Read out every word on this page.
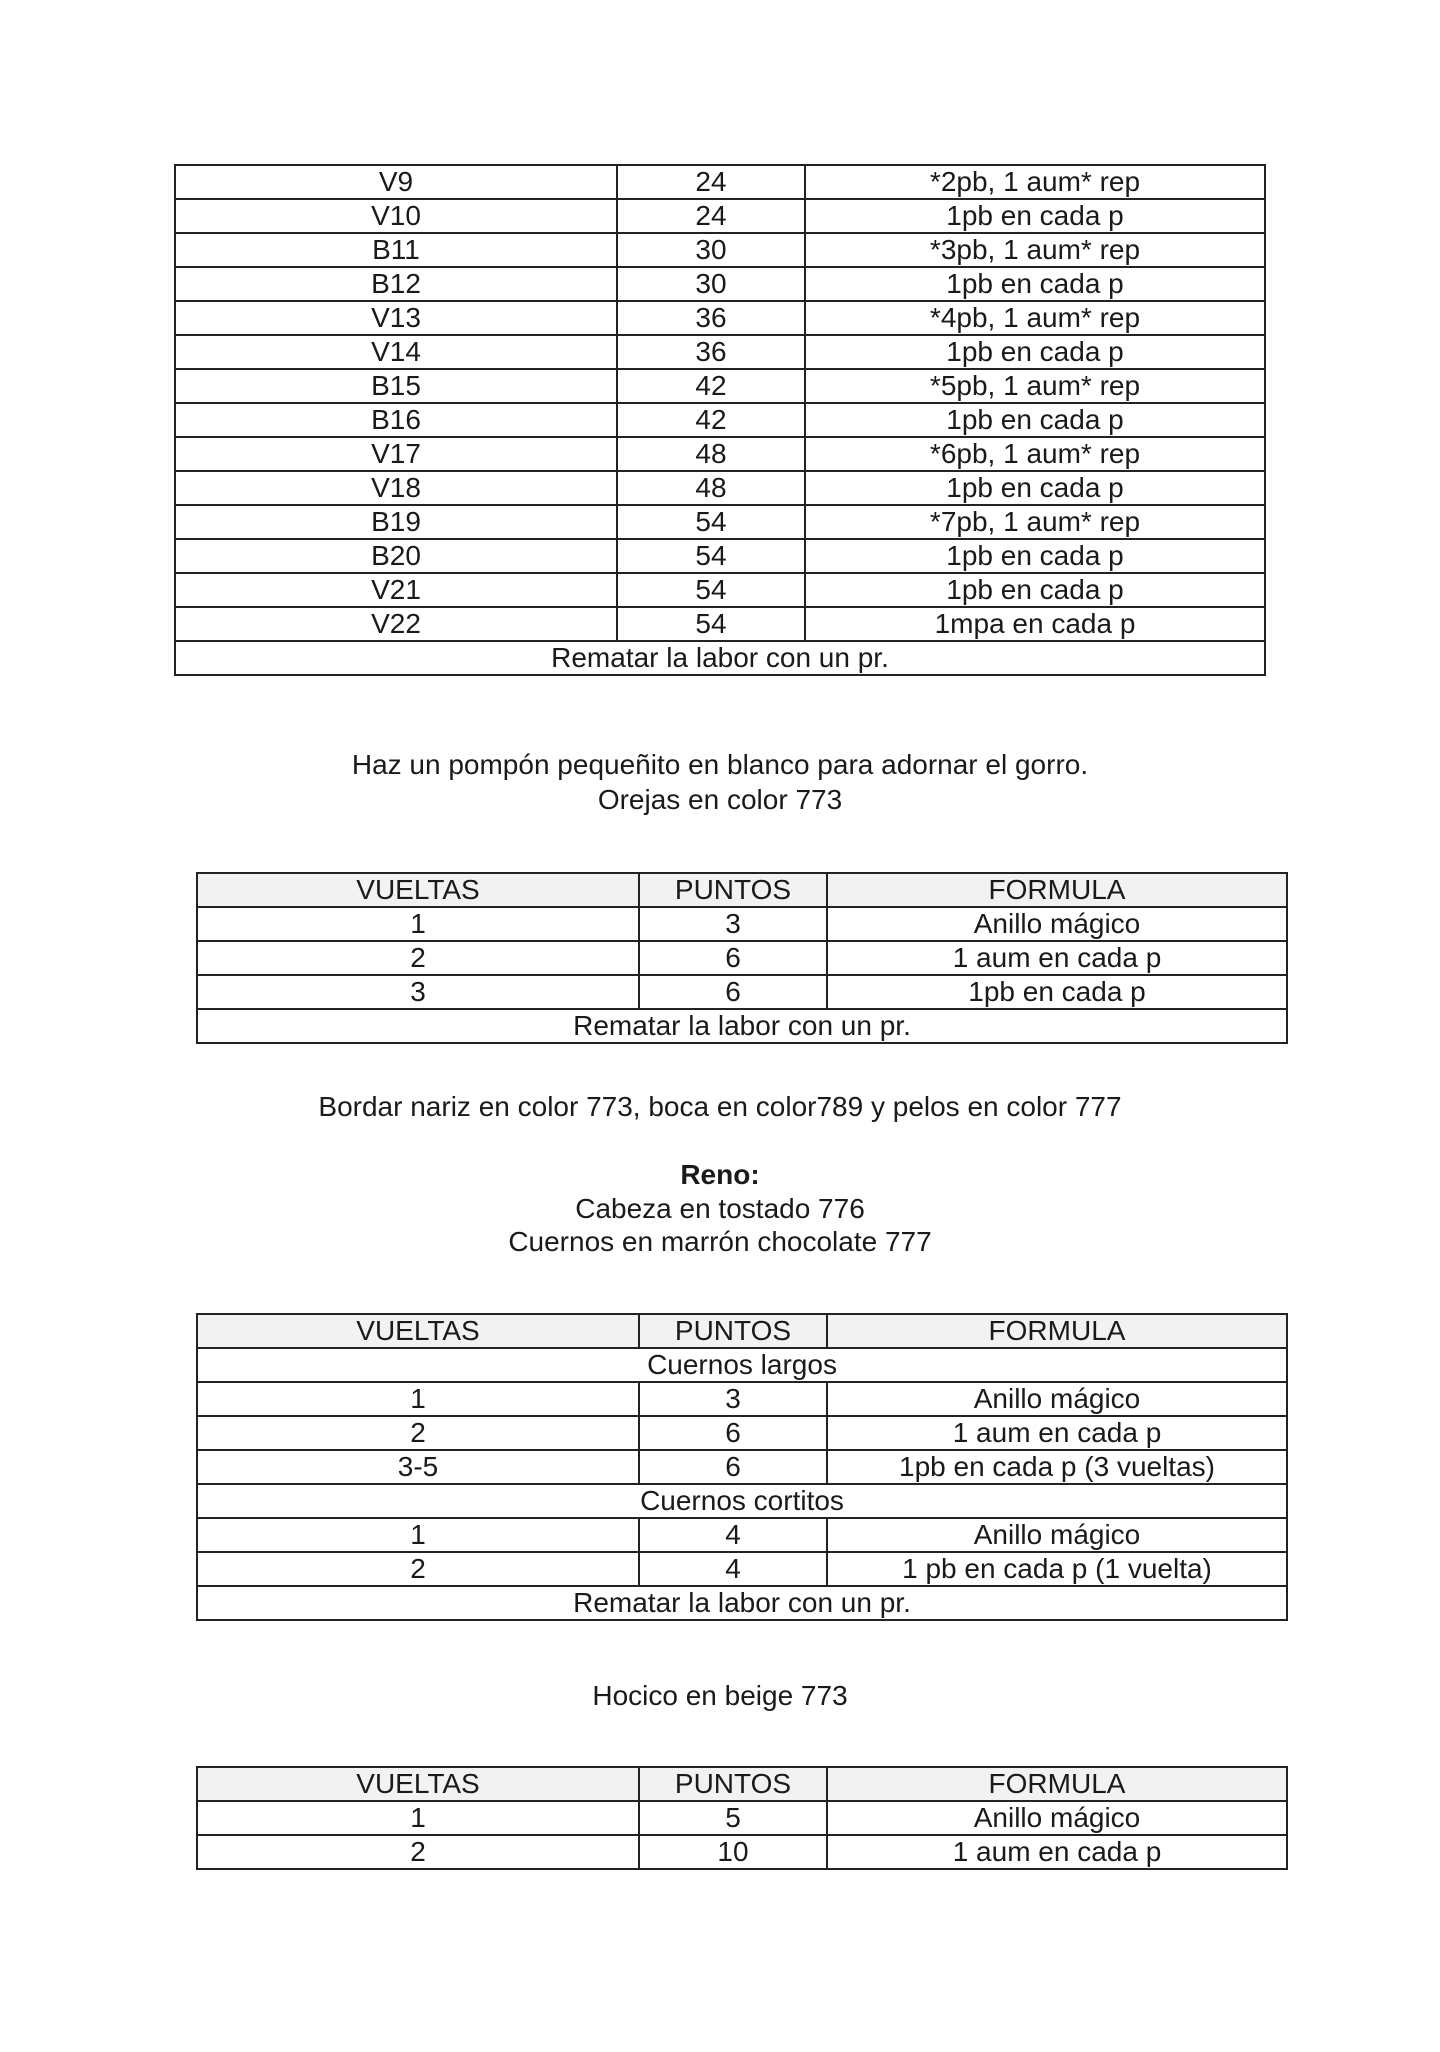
V9	24	*2pb, 1 aum* rep
V10	24	1pb en cada p
B11	30	*3pb, 1 aum* rep
B12	30	1pb en cada p
V13	36	*4pb, 1 aum* rep
V14	36	1pb en cada p
B15	42	*5pb, 1 aum* rep
B16	42	1pb en cada p
V17	48	*6pb, 1 aum* rep
V18	48	1pb en cada p
B19	54	*7pb, 1 aum* rep
B20	54	1pb en cada p
V21	54	1pb en cada p
V22	54	1mpa en cada p
Rematar la labor con un pr.		
Haz un pompón pequeñito en blanco para adornar el gorro.
Orejas en color 773
VUELTAS	PUNTOS	FORMULA
1	3	Anillo mágico
2	6	1 aum en cada p
3	6	1pb en cada p
Rematar la labor con un pr.		
Bordar nariz en color 773, boca en color789 y pelos en color 777
Reno:
Cabeza en tostado 776
Cuernos en marrón chocolate 777
VUELTAS	PUNTOS	FORMULA
Cuernos largos		
1	3	Anillo mágico
2	6	1 aum en cada p
3-5	6	1pb en cada p (3 vueltas)
Cuernos cortitos		
1	4	Anillo mágico
2	4	1 pb en cada p (1 vuelta)
Rematar la labor con un pr.		
Hocico en beige 773
VUELTAS	PUNTOS	FORMULA
1	5	Anillo mágico
2	10	1 aum en cada p
